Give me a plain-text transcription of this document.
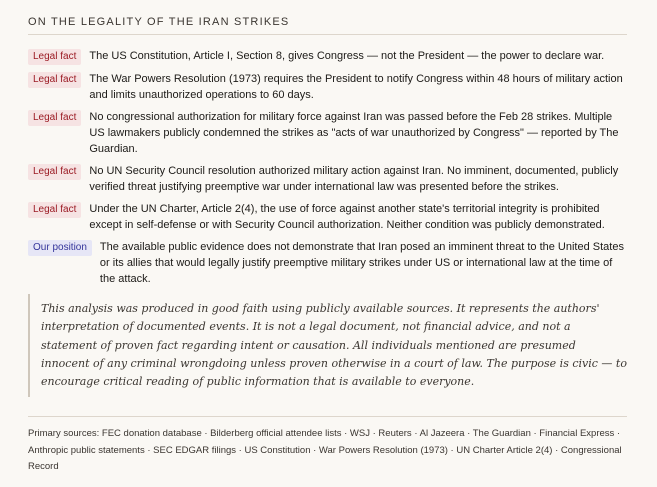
ON THE LEGALITY OF THE IRAN STRIKES
Legal fact	The US Constitution, Article I, Section 8, gives Congress — not the President — the power to declare war.
Legal fact	The War Powers Resolution (1973) requires the President to notify Congress within 48 hours of military action and limits unauthorized operations to 60 days.
Legal fact	No congressional authorization for military force against Iran was passed before the Feb 28 strikes. Multiple US lawmakers publicly condemned the strikes as "acts of war unauthorized by Congress" — reported by The Guardian.
Legal fact	No UN Security Council resolution authorized military action against Iran. No imminent, documented, publicly verified threat justifying preemptive war under international law was presented before the strikes.
Legal fact	Under the UN Charter, Article 2(4), the use of force against another state's territorial integrity is prohibited except in self-defense or with Security Council authorization. Neither condition was publicly demonstrated.
Our position	The available public evidence does not demonstrate that Iran posed an imminent threat to the United States or its allies that would legally justify preemptive military strikes under US or international law at the time of the attack.
This analysis was produced in good faith using publicly available sources. It represents the authors' interpretation of documented events. It is not a legal document, not financial advice, and not a statement of proven fact regarding intent or causation. All individuals mentioned are presumed innocent of any criminal wrongdoing unless proven otherwise in a court of law. The purpose is civic — to encourage critical reading of public information that is available to everyone.
Primary sources: FEC donation database · Bilderberg official attendee lists · WSJ · Reuters · Al Jazeera · The Guardian · Financial Express · Anthropic public statements · SEC EDGAR filings · US Constitution · War Powers Resolution (1973) · UN Charter Article 2(4) · Congressional Record
